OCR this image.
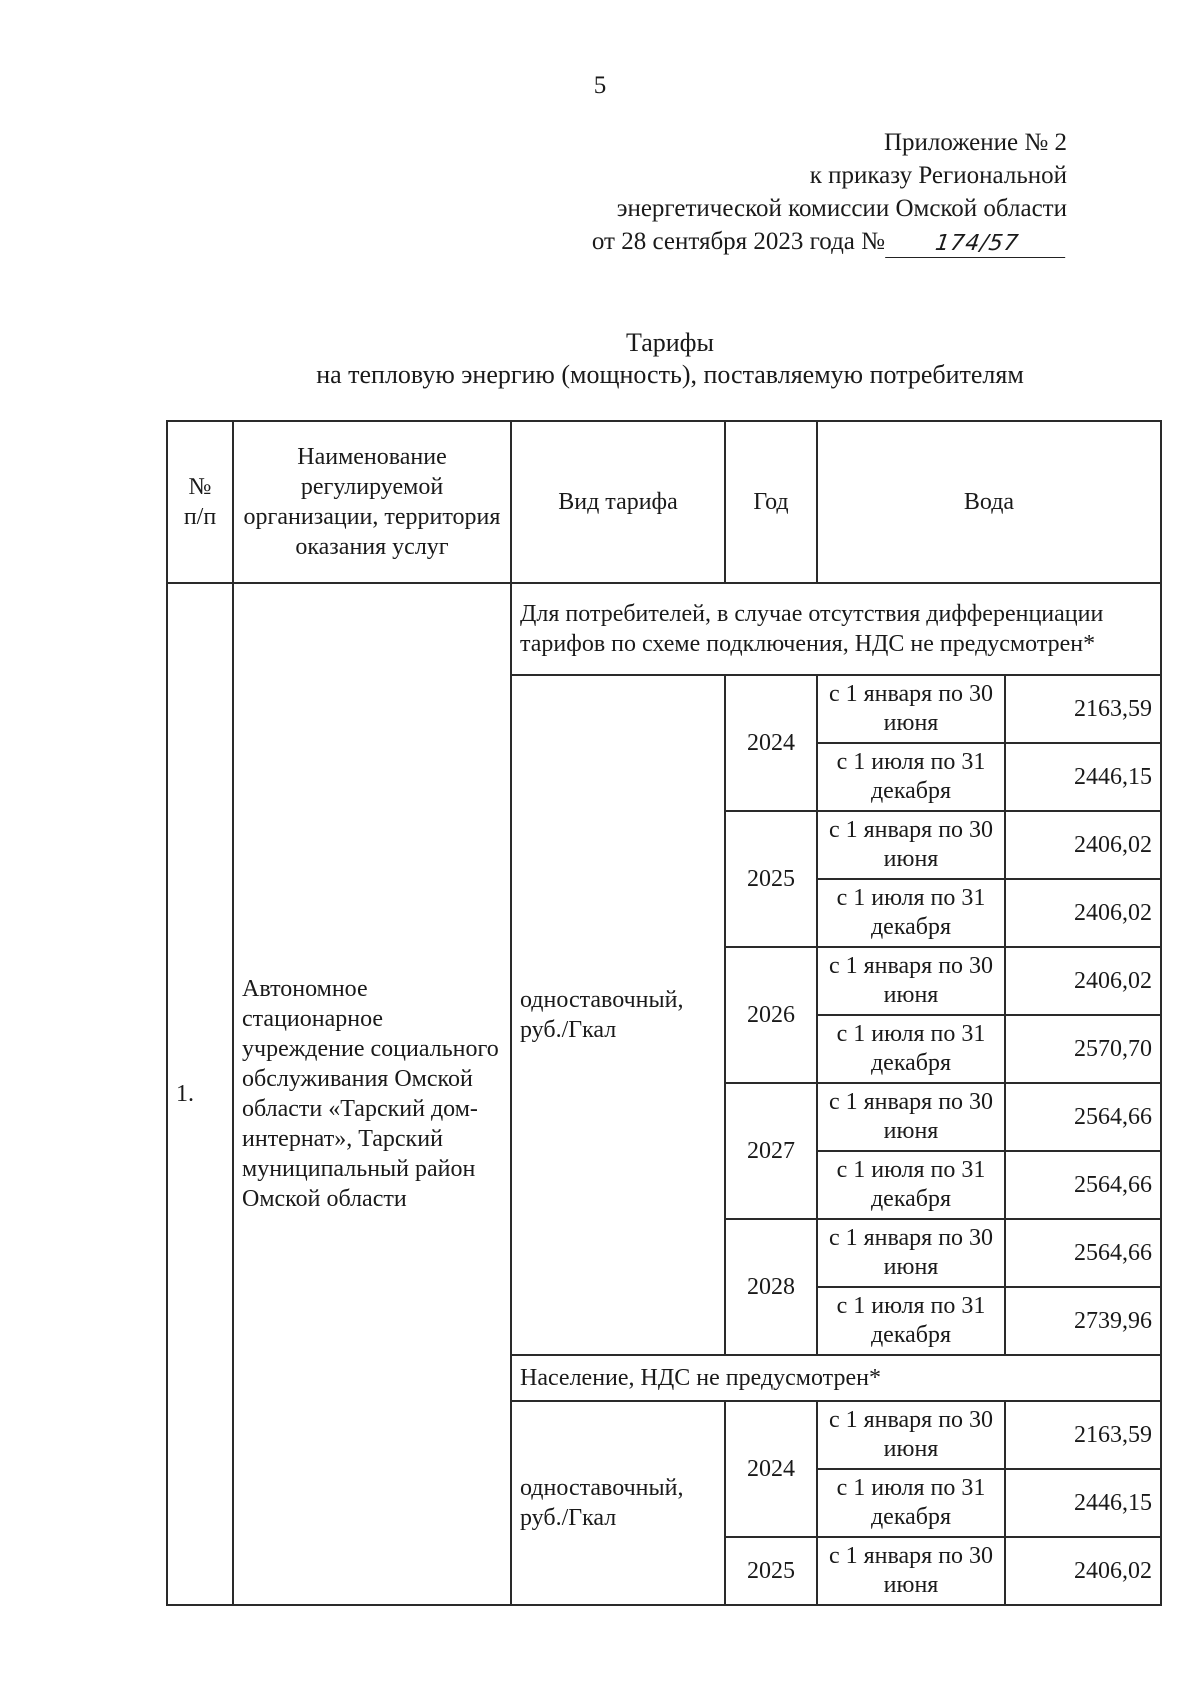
5
Приложение № 2
к приказу Региональной
энергетической комиссии Омской области
от 28 сентября 2023 года №	174/57
Тарифы
на тепловую энергию (мощность), поставляемую потребителям
№ п/п	Наименование регулируемой организации, территория оказания услуг	Вид тарифа	Год	Вода	
1.	Автономное стационарное учреждение социального обслуживания Омской области «Тарский дом-интернат», Тарский муниципальный район Омской области	Для потребителей, в случае отсутствия дифференциации тарифов по схеме подключения, НДС не предусмотрен*			
		одноставочный, руб./Гкал	2024	с 1 января по 30 июня	2163,59
				с 1 июля по 31 декабря	2446,15
			2025	с 1 января по 30 июня	2406,02
				с 1 июля по 31 декабря	2406,02
			2026	с 1 января по 30 июня	2406,02
				с 1 июля по 31 декабря	2570,70
			2027	с 1 января по 30 июня	2564,66
				с 1 июля по 31 декабря	2564,66
			2028	с 1 января по 30 июня	2564,66
				с 1 июля по 31 декабря	2739,96
		Население, НДС не предусмотрен*			
		одноставочный, руб./Гкал	2024	с 1 января по 30 июня	2163,59
				с 1 июля по 31 декабря	2446,15
			2025	с 1 января по 30 июня	2406,02
